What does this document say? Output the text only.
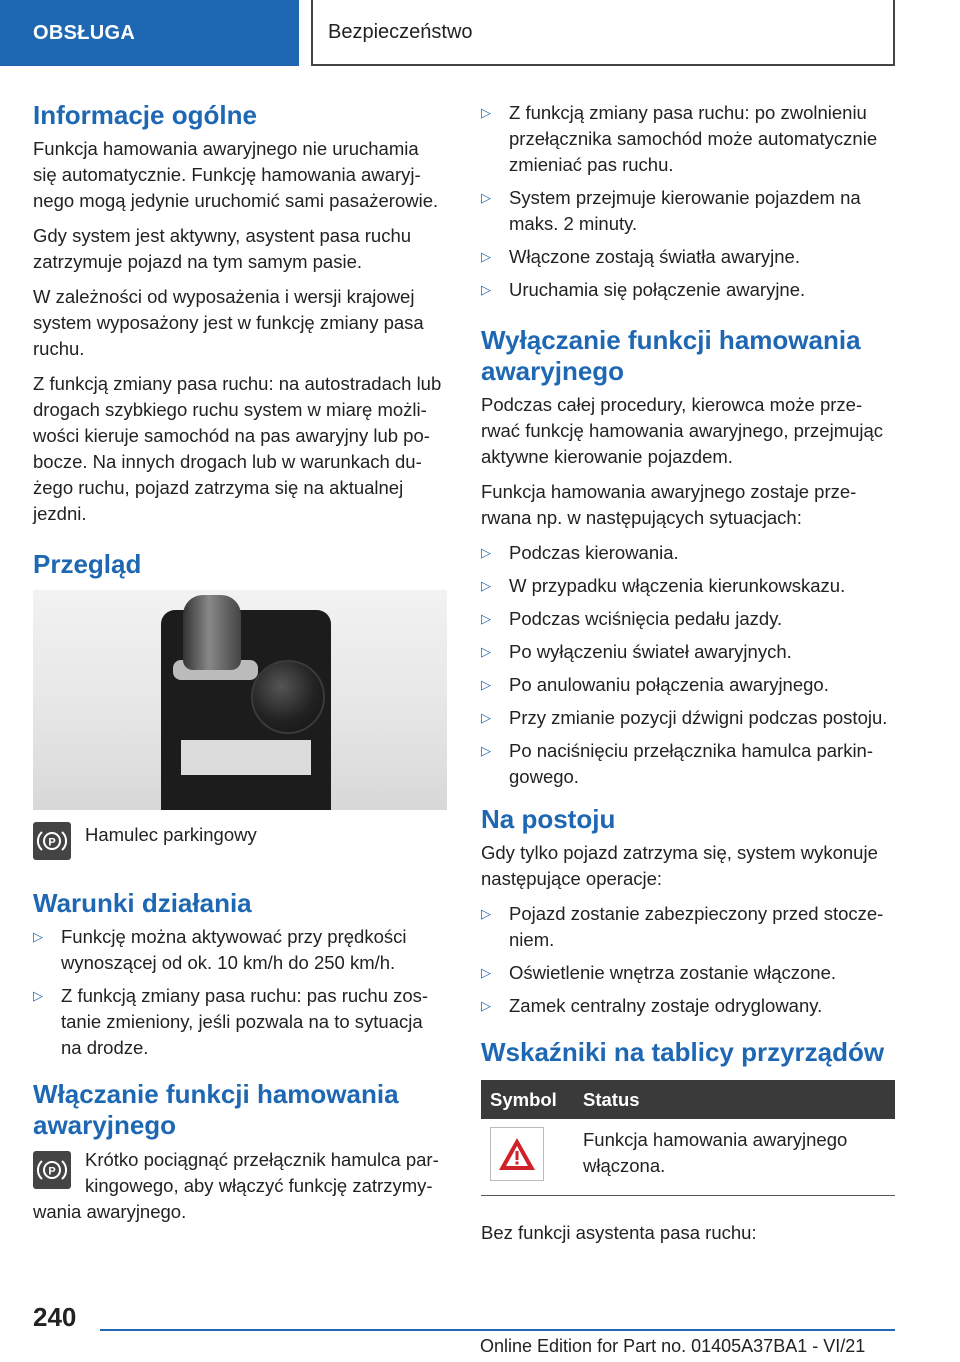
OBSŁUGA	Bezpieczeństwo
Informacje ogólne

Funkcja hamowania awaryjnego nie uruchamia się automatycznie. Funkcję hamowania awaryjnego mogą jedynie uruchomić sami pasażerowie.

Gdy system jest aktywny, asystent pasa ruchu zatrzymuje pojazd na tym samym pasie.

W zależności od wyposażenia i wersji krajowej system wyposażony jest w funkcję zmiany pasa ruchu.

Z funkcją zmiany pasa ruchu: na autostradach lub drogach szybkiego ruchu system w miarę możliwości kieruje samochód na pas awaryjny lub pobocze. Na innych drogach lub w warunkach dużego ruchu, pojazd zatrzyma się na aktualnej jezdni.

Przegląd
P Hamulec parkingowy
Warunki działania
▷ Funkcję można aktywować przy prędkości wynoszącej od ok. 10 km/h do 250 km/h.
▷ Z funkcją zmiany pasa ruchu: pas ruchu zostanie zmieniony, jeśli pozwala na to sytuacja na drodze.
Włączanie funkcji hamowania awaryjnego
P

Krótko pociągnąć przełącznik hamulca parkingowego, aby włączyć funkcję zatrzymywania awaryjnego.

▷ Z funkcją zmiany pasa ruchu: po zwolnieniu przełącznika samochód może automatycznie zmieniać pas ruchu.
▷ System przejmuje kierowanie pojazdem na maks. 2 minuty.
▷ Włączone zostają światła awaryjne.
▷ Uruchamia się połączenie awaryjne.
Wyłączanie funkcji hamowania awaryjnego

Podczas całej procedury, kierowca może przerwać funkcję hamowania awaryjnego, przejmując aktywne kierowanie pojazdem.

Funkcja hamowania awaryjnego zostaje przerwana np. w następujących sytuacjach:

▷ Podczas kierowania.
▷ W przypadku włączenia kierunkowskazu.
▷ Podczas wciśnięcia pedału jazdy.
▷ Po wyłączeniu świateł awaryjnych.
▷ Po anulowaniu połączenia awaryjnego.
▷ Przy zmianie pozycji dźwigni podczas postoju.
▷ Po naciśnięciu przełącznika hamulca parkingowego.
Na postoju

Gdy tylko pojazd zatrzyma się, system wykonuje następujące operacje:

▷ Pojazd zostanie zabezpieczony przed stoczeniem.
▷ Oświetlenie wnętrza zostanie włączone.
▷ Zamek centralny zostaje odryglowany.
Wskaźniki na tablicy przyrządów
Symbol	Status

	Funkcja hamowania awaryjnego włączona.

Bez funkcji asystenta pasa ruchu:

240
Online Edition for Part no. 01405A37BA1 - VI/21
